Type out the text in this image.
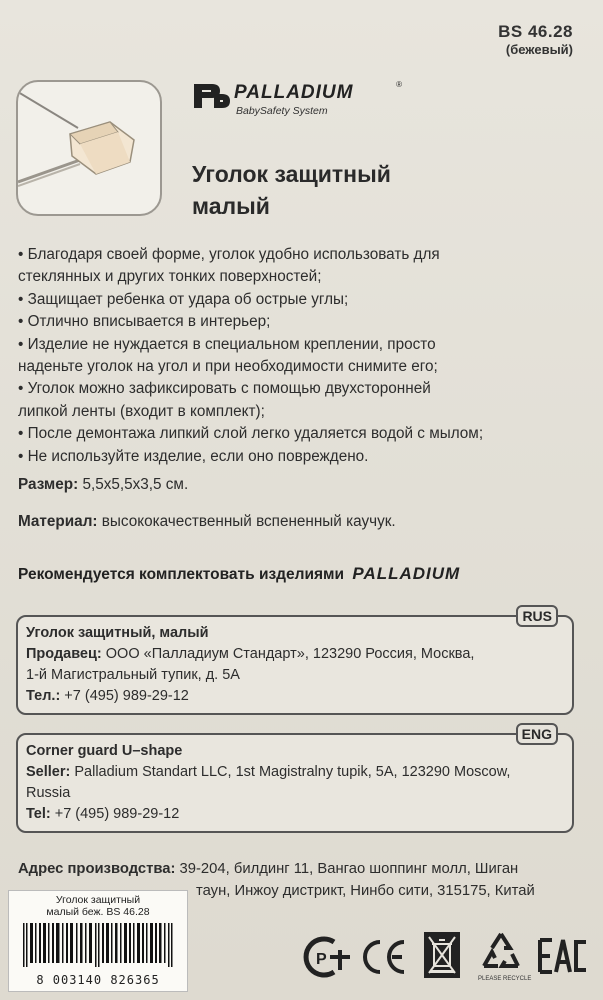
BS 46.28
(бежевый)
PALLADIUM	®
BabySafety System
Уголок защитный
малый
• Благодаря своей форме, уголок удобно использовать для
стеклянных и других тонких поверхностей;
• Защищает ребенка от удара об острые углы;
• Отлично вписывается в интерьер;
• Изделие не нуждается в специальном креплении, просто
наденьте уголок на угол и при необходимости снимите его;
• Уголок можно зафиксировать с помощью двухсторонней
липкой ленты (входит в комплект);
• После демонтажа липкий слой легко удаляется водой с мылом;
• Не используйте изделие, если оно повреждено.
Размер: 5,5х5,5х3,5 см.
Материал: высококачественный вспененный каучук.
Рекомендуется комплектовать изделиями PALLADIUM
RUS
Уголок защитный, малый
Продавец: ООО «Палладиум Стандарт», 123290 Россия, Москва,
1-й Магистральный тупик, д. 5А
Тел.: +7 (495) 989-29-12
ENG
Corner guard U–shape
Seller: Palladium Standart LLC, 1st Magistralny tupik, 5A, 123290 Moscow,
Russia
Tel: +7 (495) 989-29-12
Адрес производства: 39-204, билдинг 11, Вангао шоппинг молл, Шиган
таун, Инжоу дистрикт, Нинбо сити, 315175, Китай
Уголок защитный
малый беж. BS 46.28
8 003140 826365
P
PLEASE RECYCLE
